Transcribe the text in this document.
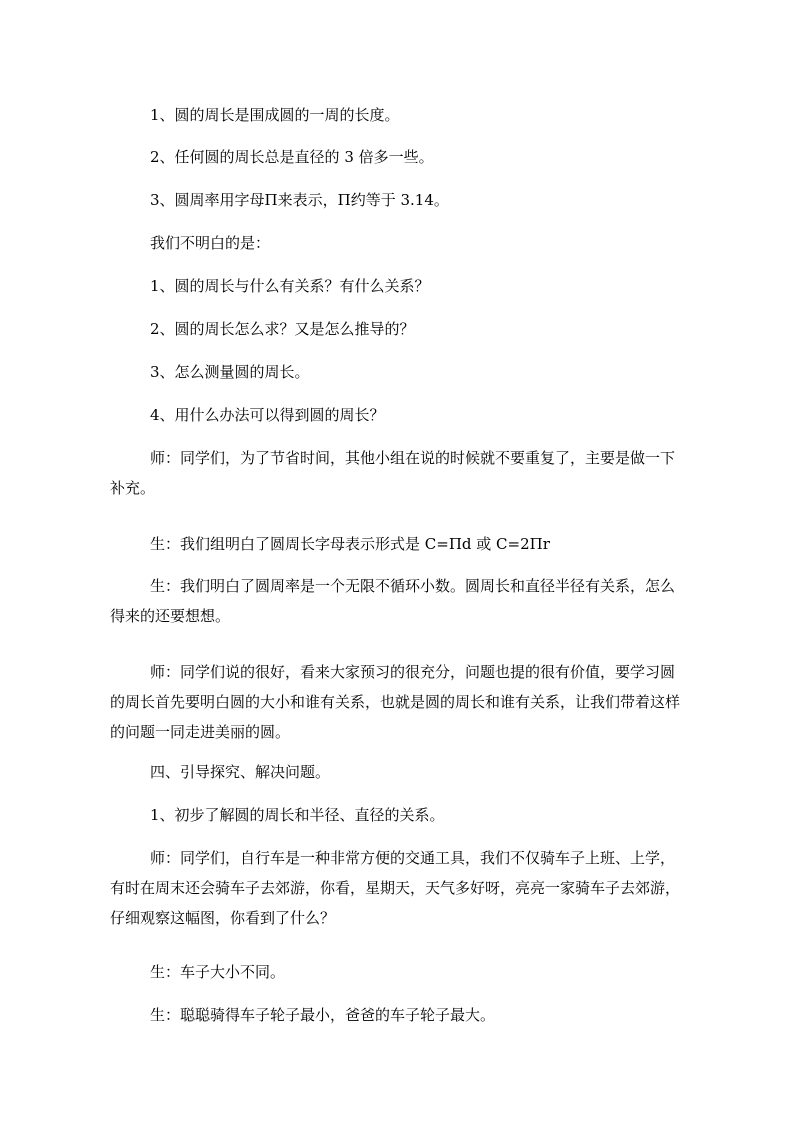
1、圆的周长是围成圆的一周的长度。

2、任何圆的周长总是直径的 3 倍多一些。

3、圆周率用字母Π来表示，Π约等于 3.14。

我们不明白的是：

1、圆的周长与什么有关系？有什么关系？

2、圆的周长怎么求？又是怎么推导的？

3、怎么测量圆的周长。

4、用什么办法可以得到圆的周长？

师：同学们，为了节省时间，其他小组在说的时候就不要重复了，主要是做一下补充。

生：我们组明白了圆周长字母表示形式是 C=Πd 或 C=2Πr

生：我们明白了圆周率是一个无限不循环小数。圆周长和直径半径有关系，怎么得来的还要想想。

师：同学们说的很好，看来大家预习的很充分，问题也提的很有价值，要学习圆的周长首先要明白圆的大小和谁有关系，也就是圆的周长和谁有关系，让我们带着这样的问题一同走进美丽的圆。

四、引导探究、解决问题。

1、初步了解圆的周长和半径、直径的关系。

师：同学们，自行车是一种非常方便的交通工具，我们不仅骑车子上班、上学，有时在周末还会骑车子去郊游，你看，星期天，天气多好呀，亮亮一家骑车子去郊游，仔细观察这幅图，你看到了什么？

生：车子大小不同。

生：聪聪骑得车子轮子最小，爸爸的车子轮子最大。
